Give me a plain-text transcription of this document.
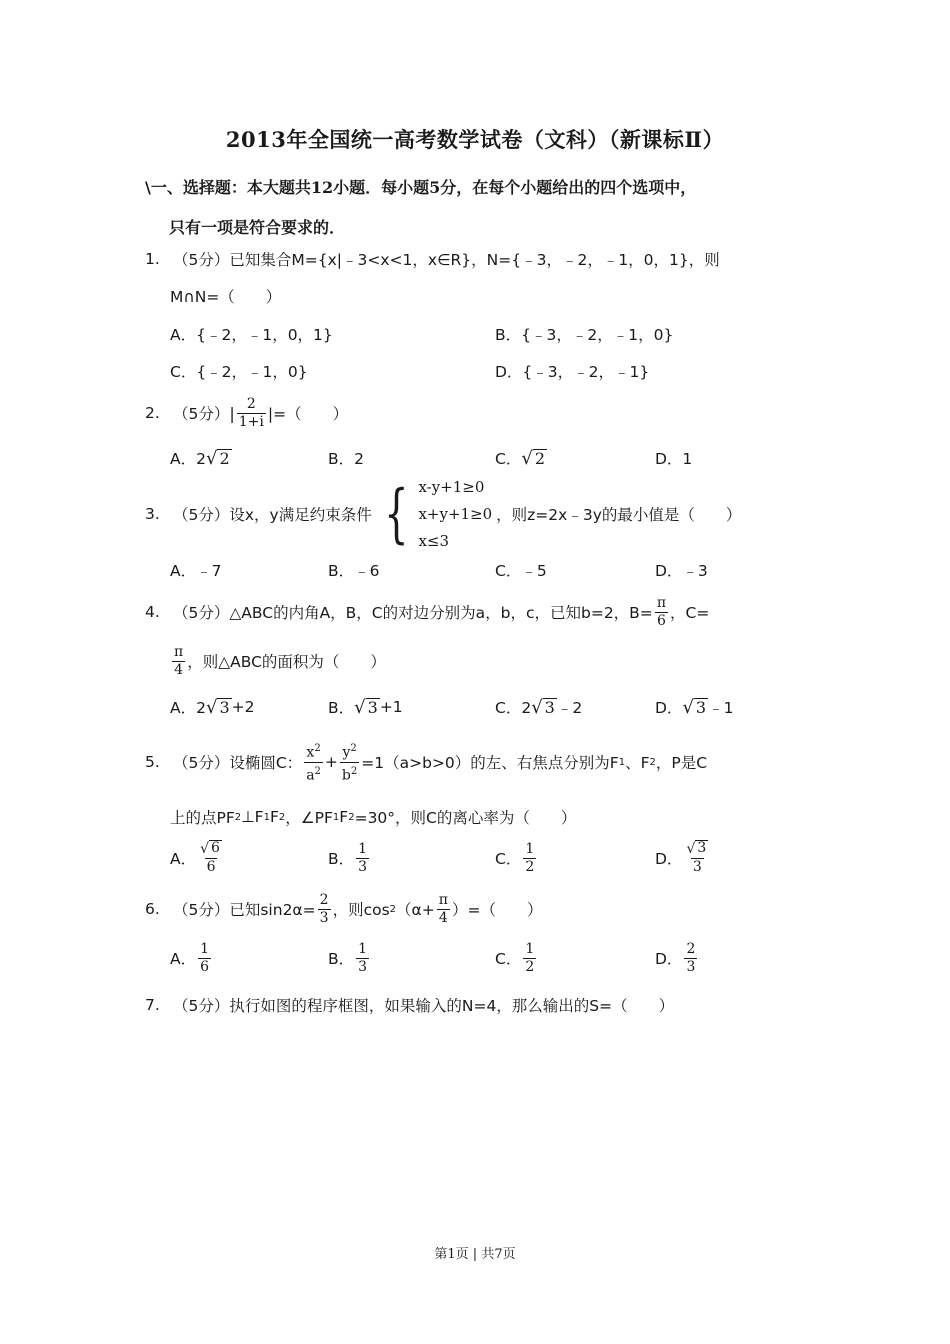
2013年全国统一高考数学试卷（文科）（新课标Ⅱ）
\一、选择题：本大题共12小题．每小题5分，在每个小题给出的四个选项中，
只有一项是符合要求的．
1. （5分）已知集合M={x|﹣3<x<1，x∈R}，N={﹣3，﹣2，﹣1，0，1}，则
M∩N=（　　）
A．{﹣2，﹣1，0，1}	B．{﹣3，﹣2，﹣1，0}
C．{﹣2，﹣1，0}	D．{﹣3，﹣2，﹣1}
2. （5分） | $\frac{2}{1+i}$ |=（　　）
A．2 √ 2	B．2	C． √ 2	D．1
3. （5分）设x，y满足约束条件 { x-y+1≥0
x+y+1≥0
x≤3
，则z=2x﹣3y的最小值是（　　）
A．﹣7	B．﹣6	C．﹣5	D．﹣3
4. （5分）△ABC的内角A，B，C的对边分别为a，b，c，已知b=2，$B= \frac{\pi}{6}$ ，C=
$\frac{\pi}{4}$ ，则△ABC的面积为（　　）
A．2 √ 3 +2	B． √ 3 +1	C．2 √ 3 ﹣2	D． √ 3 ﹣1
5. （5分）设椭圆C： $\frac{x^2}{a^2} + \frac{y^2}{b^2} =1(a>b>0)$的左、右焦点分别为F 1 、F 2 ，P是C
上的点PF 2 ⊥F 1 F 2 ，∠PF 1 F 2 =30°，则C的离心率为（　　）
A． $\frac{√ 6}{6}$	B． $\frac{1}{3}$	C． $\frac{1}{2}$	D． $\frac{√ 3}{3}$
6. （5分）已知$\sin 2\alpha= \frac{2}{3}$ ，则cos 2 （$\alpha+ \frac{\pi}{4}$ ）=（　　）
A． $\frac{1}{6}$	B． $\frac{1}{3}$	C． $\frac{1}{2}$	D． $\frac{2}{3}$
7. （5分）执行如图的程序框图，如果输入的N=4，那么输出的S=（　　）
第1页 | 共7页
